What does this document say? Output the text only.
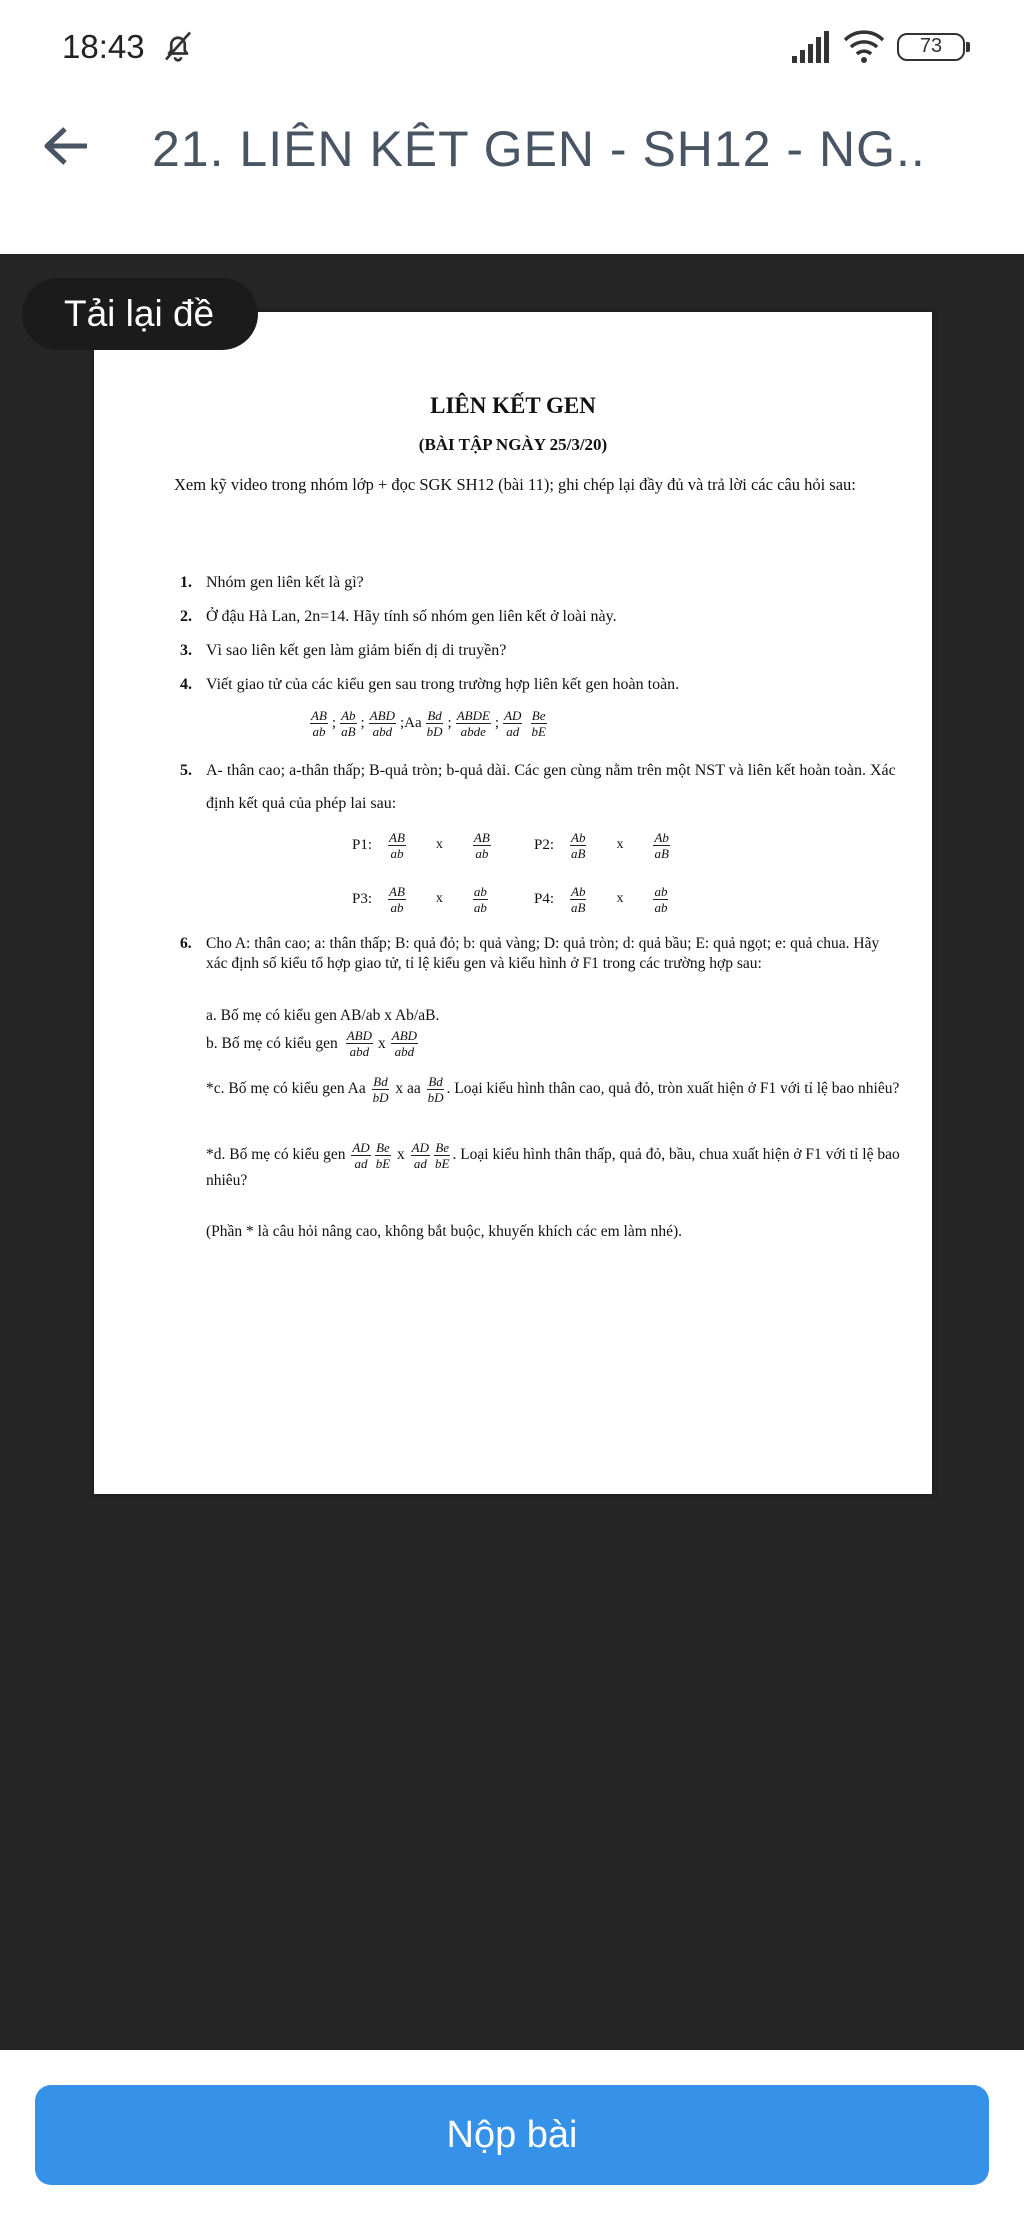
18:43	73
21. LIÊN KÊT GEN - SH12 - NG..
Tải lại đề
LIÊN KẾT GEN
(BÀI TẬP NGÀY 25/3/20)
Xem kỹ video trong nhóm lớp + đọc SGK SH12 (bài 11); ghi chép lại đầy đủ và trả lời các câu hỏi sau:
1. Nhóm gen liên kết là gì?
2. Ở đậu Hà Lan, 2n=14. Hãy tính số nhóm gen liên kết ở loài này.
3. Vì sao liên kết gen làm giảm biến dị di truyền?
4. Viết giao tử của các kiểu gen sau trong trường hợp liên kết gen hoàn toàn.
$\frac{AB}{ab}$ ; $\frac{Ab}{aB}$ ; $\frac{\text{ABD}}{\text{abd}}$ ;Aa $\frac{Bd}{bD}$ ; $\frac{\text{ABDE}}{\text{abde}}$ ; $\frac{AD}{ad} \frac{Be}{bE}$
5. A- thân cao; a-thân thấp; B-quả tròn; b-quả dài. Các gen cùng nằm trên một NST và liên kết hoàn toàn. Xác định kết quả của phép lai sau:
P1: $\frac{AB}{ab}$ x $\frac{AB}{ab}$	P2: $\frac{Ab}{aB}$ x $\frac{Ab}{aB}$
P3: $\frac{AB}{ab}$ x $\frac{ab}{ab}$	P4: $\frac{Ab}{aB}$ x $\frac{ab}{ab}$
6. Cho A: thân cao; a: thân thấp; B: quả đỏ; b: quả vàng; D: quả tròn; d: quả bầu; E: quả ngọt; e: quả chua. Hãy xác định số kiểu tổ hợp giao tử, tỉ lệ kiểu gen và kiểu hình ở F1 trong các trường hợp sau:
a. Bố mẹ có kiểu gen AB/ab x Ab/aB.
b. Bố mẹ có kiểu gen $\frac{\text{ABD}}{\text{abd}}$ x $\frac{\text{ABD}}{\text{abd}}$
*c. Bố mẹ có kiểu gen Aa $\frac{Bd}{bD}$ x aa $\frac{Bd}{bD}$ . Loại kiểu hình thân cao, quả đỏ, tròn xuất hiện ở F1 với tỉ lệ bao nhiêu?
*d. Bố mẹ có kiểu gen $\frac{AD}{ad} \frac{Be}{bE}$ x $\frac{AD}{ad} \frac{Be}{bE}$ . Loại kiểu hình thân thấp, quả đỏ, bầu, chua xuất hiện ở F1 với tỉ lệ bao nhiêu?
(Phần * là câu hỏi nâng cao, không bắt buộc, khuyến khích các em làm nhé).
Nộp bài
